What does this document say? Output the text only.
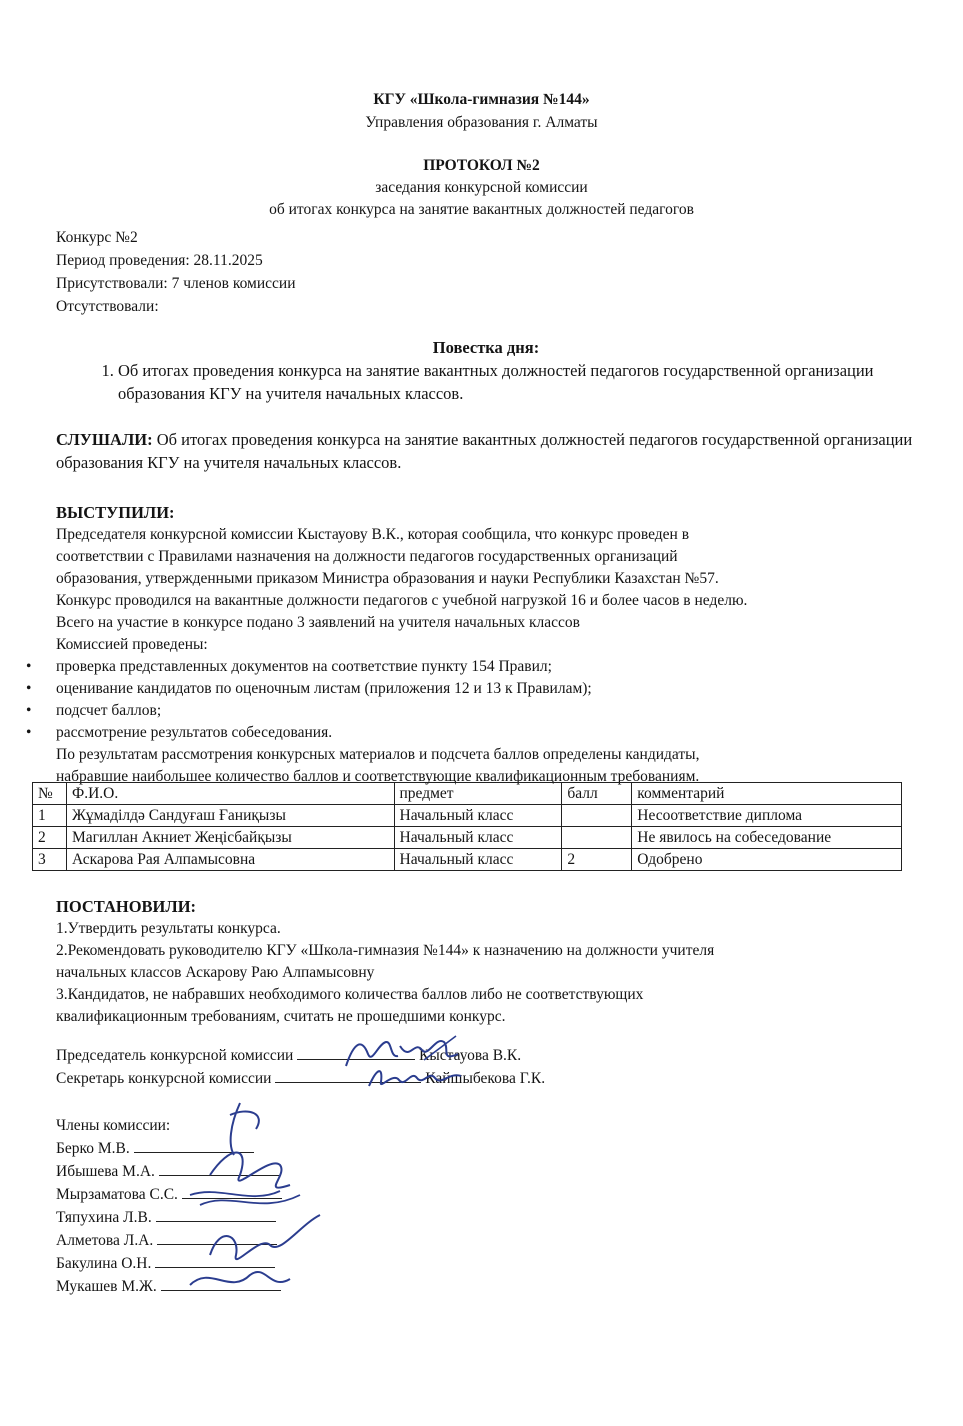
КГУ «Школа-гимназия №144»
Управления образования г. Алматы
ПРОТОКОЛ №2
заседания конкурсной комиссии
об итогах конкурса на занятие вакантных должностей педагогов
Конкурс №2
Период проведения: 28.11.2025
Присутствовали: 7 членов комиссии
Отсутствовали:
Повестка дня:
1. Об итогах проведения конкурса на занятие вакантных должностей педагогов государственной организации образования КГУ на учителя начальных классов.
СЛУШАЛИ: Об итогах проведения конкурса на занятие вакантных должностей педагогов государственной организации образования КГУ на учителя начальных классов.
ВЫСТУПИЛИ:
Председателя конкурсной комиссии Кыстауову В.К., которая сообщила, что конкурс проведен в
соответствии с Правилами назначения на должности педагогов государственных организаций
образования, утвержденными приказом Министра образования и науки Республики Казахстан №57.
Конкурс проводился на вакантные должности педагогов с учебной нагрузкой 16 и более часов в неделю.
Всего на участие в конкурсе подано 3 заявлений на учителя начальных классов
Комиссией проведены:
• проверка представленных документов на соответствие пункту 154 Правил;
• оценивание кандидатов по оценочным листам (приложения 12 и 13 к Правилам);
• подсчет баллов;
• рассмотрение результатов собеседования.
По результатам рассмотрения конкурсных материалов и подсчета баллов определены кандидаты,
набравшие наибольшее количество баллов и соответствующие квалификационным требованиям.
№	Ф.И.О.	предмет	балл	комментарий
1	Жұмаділдә Сандуғаш Ғаниқызы	Начальный класс		Несоответствие диплома
2	Магиллан Акниет Жеңісбайқызы	Начальный класс		Не явилось на собеседование
3	Аскарова Рая Алпамысовна	Начальный класс	2	Одобрено
ПОСТАНОВИЛИ:
1.Утвердить результаты конкурса.
2.Рекомендовать руководителю КГУ «Школа-гимназия №144» к назначению на должности учителя
начальных классов Аскарову Раю Алпамысовну
3.Кандидатов, не набравших необходимого количества баллов либо не соответствующих
квалификационным требованиям, считать не прошедшими конкурс.
Председатель конкурсной комиссии	Кыстауова В.К.
Секретарь конкурсной комиссии	Кайшыбекова Г.К.
Члены комиссии:
Берко М.В.
Ибышева М.А.
Мырзаматова С.С.
Тяпухина Л.В.
Алметова Л.А.
Бакулина О.Н.
Мукашев М.Ж.
